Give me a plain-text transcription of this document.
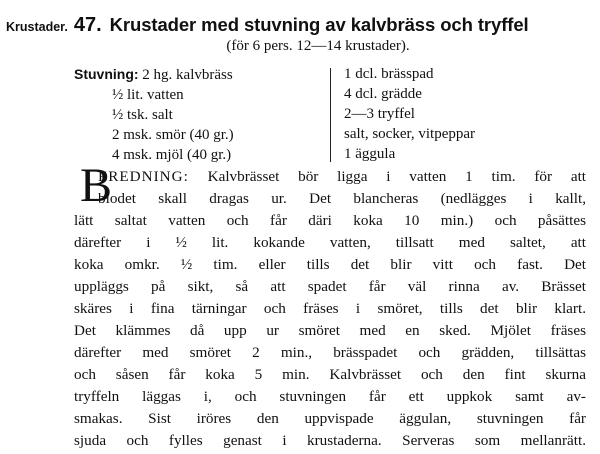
Krustader. 47. Krustader med stuvning av kalvbräss och tryffel
(för 6 pers. 12—14 krustader).
Stuvning: 2 hg. kalvbräss
½ lit. vatten
½ tsk. salt
2 msk. smör (40 gr.)
4 msk. mjöl (40 gr.)
1 dcl. brässpad
4 dcl. grädde
2—3 tryffel
salt, socker, vitpeppar
1 äggula
B
EREDNING: Kalvbrässet bör ligga i vatten 1 tim. för att
blodet skall dragas ur. Det blancheras (nedlägges i kallt,
lätt saltat vatten och får däri koka 10 min.) och påsättes
därefter i ½ lit. kokande vatten, tillsatt med saltet, att
koka omkr. ½ tim. eller tills det blir vitt och fast. Det
uppläggs på sikt, så att spadet får väl rinna av. Brässet
skäres i fina tärningar och fräses i smöret, tills det blir klart.
Det klämmes då upp ur smöret med en sked. Mjölet fräses
därefter med smöret 2 min., brässpadet och grädden, tillsättas
och såsen får koka 5 min. Kalvbrässet och den fint skurna
tryffeln läggas i, och stuvningen får ett uppkok samt av-
smakas. Sist iröres den uppvispade äggulan, stuvningen får
sjuda och fylles genast i krustaderna. Serveras som mellanrätt.
